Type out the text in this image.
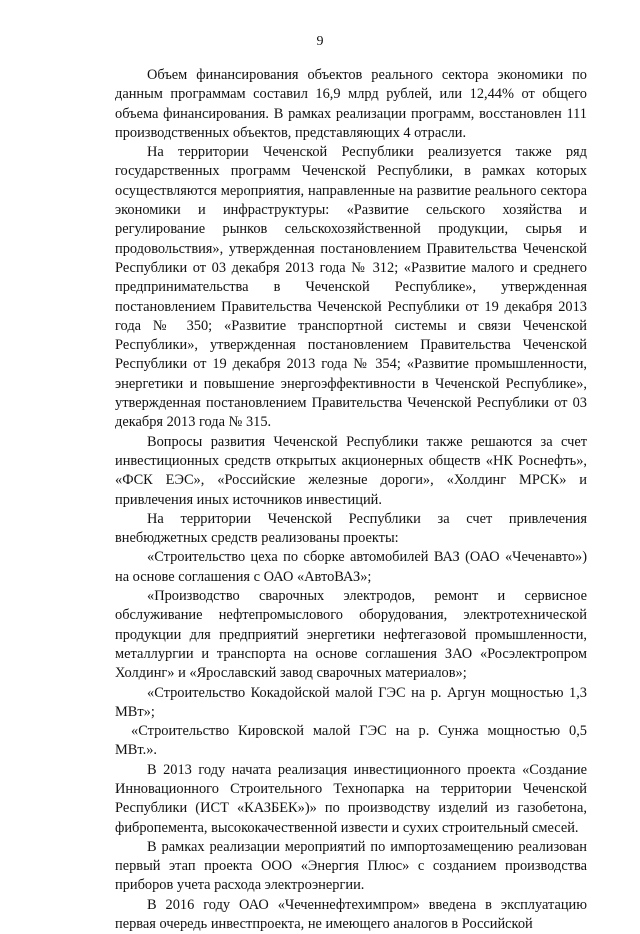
9

Объем финансирования объектов реального сектора экономики по данным программам составил 16,9 млрд рублей, или 12,44% от общего объема финансирования. В рамках реализации программ, восстановлен 111 производственных объектов, представляющих 4 отрасли.

На территории Чеченской Республики реализуется также ряд государственных программ Чеченской Республики, в рамках которых осуществляются мероприятия, направленные на развитие реального сектора экономики и инфраструктуры: «Развитие сельского хозяйства и регулирование рынков сельскохозяйственной продукции, сырья и продовольствия», утвержденная постановлением Правительства Чеченской Республики от 03 декабря 2013 года № 312; «Развитие малого и среднего предпринимательства в Чеченской Республике», утвержденная постановлением Правительства Чеченской Республики от 19 декабря 2013 года № 350; «Развитие транспортной системы и связи Чеченской Республики», утвержденная постановлением Правительства Чеченской Республики от 19 декабря 2013 года № 354; «Развитие промышленности, энергетики и повышение энергоэффективности в Чеченской Республике», утвержденная постановлением Правительства Чеченской Республики от 03 декабря 2013 года № 315.

Вопросы развития Чеченской Республики также решаются за счет инвестиционных средств открытых акционерных обществ «НК Роснефть», «ФСК ЕЭС», «Российские железные дороги», «Холдинг МРСК» и привлечения иных источников инвестиций.

На территории Чеченской Республики за счет привлечения внебюджетных средств реализованы проекты:

«Строительство цеха по сборке автомобилей ВАЗ (ОАО «Чеченавто») на основе соглашения с ОАО «АвтоВАЗ»;

«Производство сварочных электродов, ремонт и сервисное обслуживание нефтепромыслового оборудования, электротехнической продукции для предприятий энергетики нефтегазовой промышленности, металлургии и транспорта на основе соглашения ЗАО «Росэлектропром Холдинг» и «Ярославский завод сварочных материалов»;

«Строительство Кокадойской малой ГЭС на р. Аргун мощностью 1,3 МВт»;

«Строительство Кировской малой ГЭС на р. Сунжа мощностью 0,5 МВт.».

В 2013 году начата реализация инвестиционного проекта «Создание Инновационного Строительного Технопарка на территории Чеченской Республики (ИСТ «КАЗБЕК»)» по производству изделий из газобетона, фибропемента, высококачественной извести и сухих строительный смесей.

В рамках реализации мероприятий по импортозамещению реализован первый этап проекта ООО «Энергия Плюс» с созданием производства приборов учета расхода электроэнергии.

В 2016 году ОАО «Чеченнефтехимпром» введена в эксплуатацию первая очередь инвестпроекта, не имеющего аналогов в Российской
